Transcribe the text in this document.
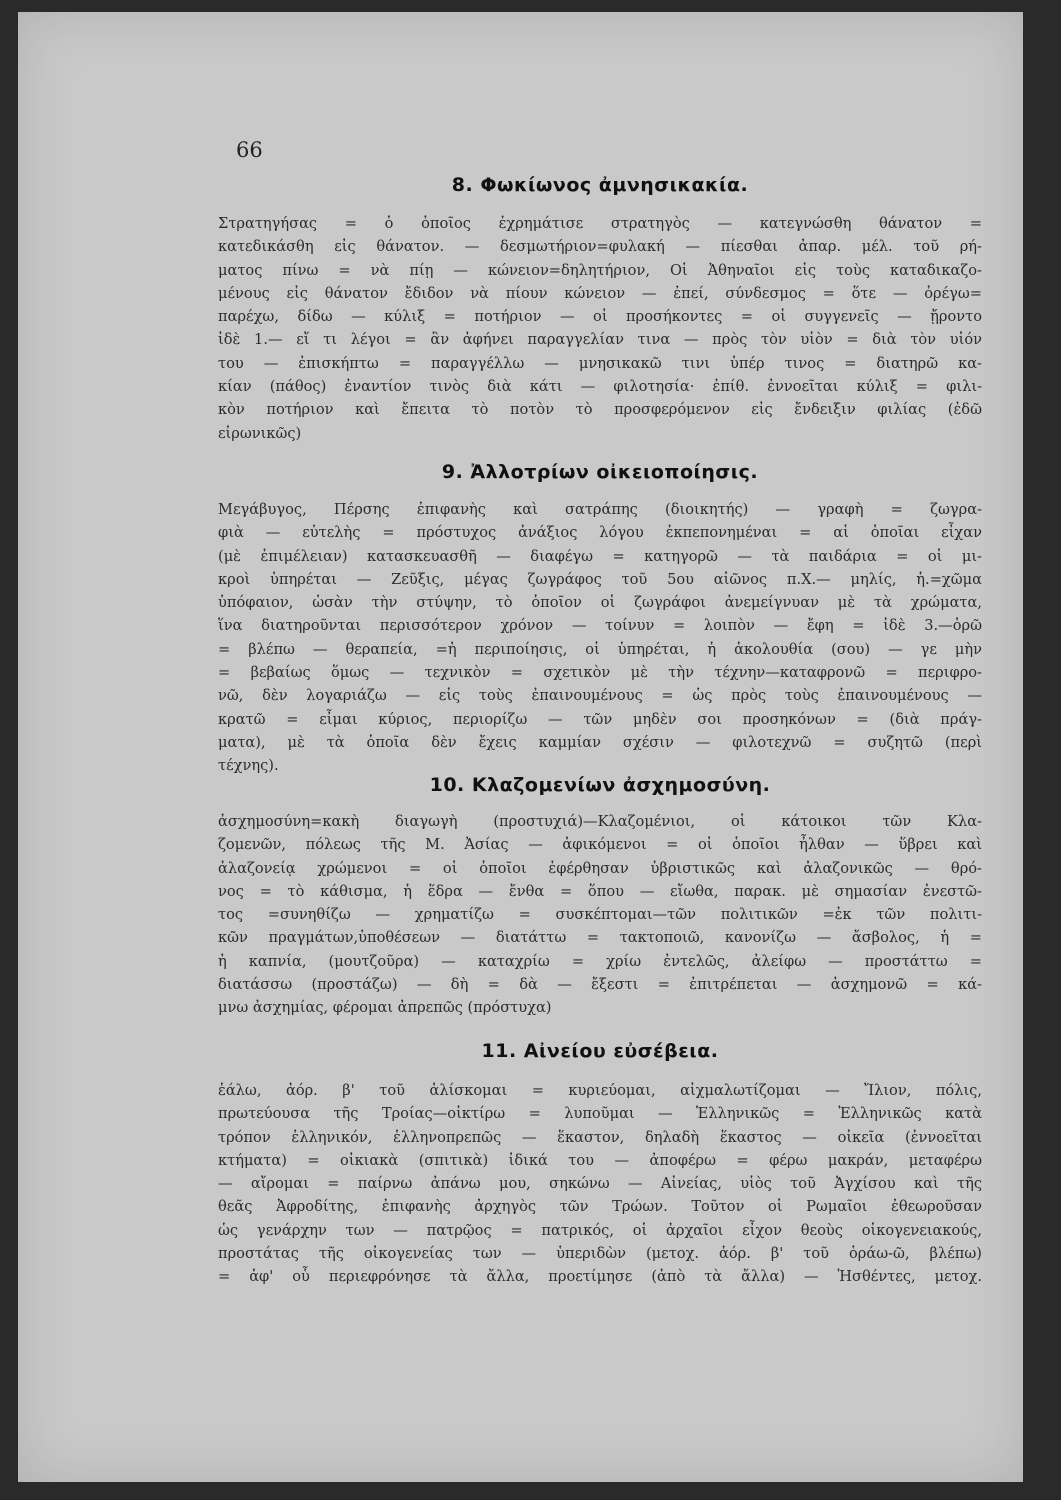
66
8. Φωκίωνος ἀμνησικακία.
Στρατηγήσας = ὁ ὁποῖος ἐχρημάτισε στρατηγὸς — κατεγνώσθη θάνατον =
κατεδικάσθη εἰς θάνατον. — δεσμωτήριον=φυλακή — πίεσθαι ἀπαρ. μέλ. τοῦ ρή-
ματος πίνω = νὰ πίῃ — κώνειον=δηλητήριον, Οἱ Ἀθηναῖοι εἰς τοὺς καταδικαζο-
μένους εἰς θάνατον ἔδιδον νὰ πίουν κώνειον — ἐπεί, σύνδεσμος = ὅτε — ὀρέγω=
παρέχω, δίδω — κύλιξ = ποτήριον — οἱ προσήκοντες = οἱ συγγενεῖς — ᾔροντο
ἰδὲ 1.— εἴ τι λέγοι = ἂν ἀφήνει παραγγελίαν τινα — πρὸς τὸν υἱὸν = διὰ τὸν υἱόν
του — ἐπισκήπτω = παραγγέλλω — μνησικακῶ τινι ὑπέρ τινος = διατηρῶ κα-
κίαν (πάθος) ἐναντίον τινὸς διὰ κάτι — φιλοτησία· ἐπίθ. ἐννοεῖται κύλιξ = φιλι-
κὸν ποτήριον καὶ ἔπειτα τὸ ποτὸν τὸ προσφερόμενον εἰς ἔνδειξιν φιλίας (ἐδῶ
εἰρωνικῶς)
9. Ἀλλοτρίων οἰκειοποίησις.
Μεγάβυγος, Πέρσης ἐπιφανὴς καὶ σατράπης (διοικητής) — γραφὴ = ζωγρα-
φιὰ — εὐτελὴς = πρόστυχος ἀνάξιος λόγου ἐκπεπονημέναι = αἱ ὁποῖαι εἶχαν
(μὲ ἐπιμέλειαν) κατασκευασθῆ — διαφέγω = κατηγορῶ — τὰ παιδάρια = οἱ μι-
κροὶ ὑπηρέται — Ζεῦξις, μέγας ζωγράφος τοῦ 5ου αἰῶνος π.Χ.— μηλίς, ἡ.=χῶμα
ὑπόφαιον, ὡσὰν τὴν στύψην, τὸ ὁποῖον οἱ ζωγράφοι ἀνεμείγνυαν μὲ τὰ χρώματα,
ἵνα διατηροῦνται περισσότερον χρόνον — τοίνυν = λοιπὸν — ἔφη = ἰδὲ 3.—ὁρῶ
= βλέπω — θεραπεία, =ἡ περιποίησις, οἱ ὑπηρέται, ἡ ἀκολουθία (σου) — γε μὴν
= βεβαίως ὅμως — τεχνικὸν = σχετικὸν μὲ τὴν τέχνην—καταφρονῶ = περιφρο-
νῶ, δὲν λογαριάζω — εἰς τοὺς ἐπαινουμένους = ὡς πρὸς τοὺς ἐπαινουμένους —
κρατῶ = εἶμαι κύριος, περιορίζω — τῶν μηδὲν σοι προσηκόνων = (διὰ πράγ-
ματα), μὲ τὰ ὁποῖα δὲν ἔχεις καμμίαν σχέσιν — φιλοτεχνῶ = συζητῶ (περὶ
τέχνης).
10. Κλαζομενίων ἀσχημοσύνη.
ἀσχημοσύνη=κακὴ διαγωγὴ (προστυχιά)—Κλαζομένιοι, οἱ κάτοικοι τῶν Κλα-
ζομενῶν, πόλεως τῆς Μ. Ἀσίας — ἀφικόμενοι = οἱ ὁποῖοι ἦλθαν — ὕβρει καὶ
ἀλαζονείᾳ χρώμενοι = οἱ ὁποῖοι ἐφέρθησαν ὑβριστικῶς καὶ ἀλαζονικῶς — θρό-
νος = τὸ κάθισμα, ἡ ἕδρα — ἔνθα = ὅπου — εἴωθα, παρακ. μὲ σημασίαν ἐνεστῶ-
τος =συνηθίζω — χρηματίζω = συσκέπτομαι—τῶν πολιτικῶν =ἐκ τῶν πολιτι-
κῶν πραγμάτων,ὑποθέσεων — διατάττω = τακτοποιῶ, κανονίζω — ἄσβολος, ἡ =
ἡ καπνία, (μουτζοῦρα) — καταχρίω = χρίω ἐντελῶς, ἀλείφω — προστάττω =
διατάσσω (προστάζω) — δὴ = δὰ — ἔξεστι = ἐπιτρέπεται — ἀσχημονῶ = κά-
μνω ἀσχημίας, φέρομαι ἀπρεπῶς (πρόστυχα)
11. Αἰνείου εὐσέβεια.
ἑάλω, ἀόρ. β' τοῦ ἁλίσκομαι = κυριεύομαι, αἰχμαλωτίζομαι — Ἴλιον, πόλις,
πρωτεύουσα τῆς Τροίας—οἰκτίρω = λυποῦμαι — Ἑλληνικῶς = Ἑλληνικῶς κατὰ
τρόπον ἑλληνικόν, ἑλληνοπρεπῶς — ἕκαστον, δηλαδὴ ἕκαστος — οἰκεῖα (ἐννοεῖται
κτήματα) = οἰκιακὰ (σπιτικὰ) ἰδικά του — ἀποφέρω = φέρω μακράν, μεταφέρω
— αἴρομαι = παίρνω ἀπάνω μου, σηκώνω — Αἰνείας, υἱὸς τοῦ Ἀγχίσου καὶ τῆς
θεᾶς Ἀφροδίτης, ἐπιφανὴς ἀρχηγὸς τῶν Τρώων. Τοῦτον οἱ Ρωμαῖοι ἐθεωροῦσαν
ὡς γενάρχην των — πατρῷος = πατρικός, οἱ ἀρχαῖοι εἶχον θεοὺς οἰκογενειακούς,
προστάτας τῆς οἰκογενείας των — ὑπεριδὼν (μετοχ. ἀόρ. β' τοῦ ὁράω-ῶ, βλέπω)
= ἀφ' οὗ περιεφρόνησε τὰ ἄλλα, προετίμησε (ἀπὸ τὰ ἄλλα) — Ἡσθέντες, μετοχ.
